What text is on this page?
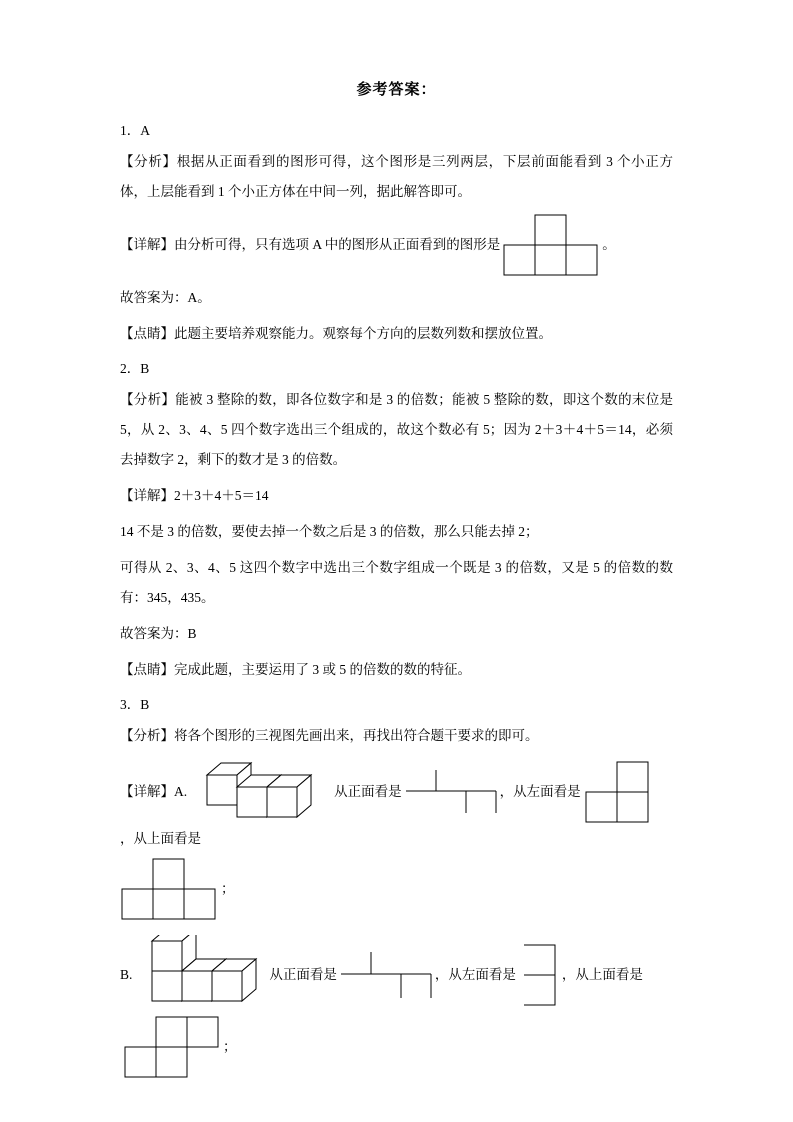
参考答案：
1．A
【分析】根据从正面看到的图形可得，这个图形是三列两层，下层前面能看到 3 个小正方体，上层能看到 1 个小正方体在中间一列，据此解答即可。
【详解】由分析可得，只有选项 A 中的图形从正面看到的图形是	。
故答案为：A。
【点睛】此题主要培养观察能力。观察每个方向的层数列数和摆放位置。
2．B
【分析】能被 3 整除的数，即各位数字和是 3 的倍数；能被 5 整除的数，即这个数的末位是 5，从 2、3、4、5 四个数字选出三个组成的，故这个数必有 5；因为 2＋3＋4＋5＝14，必须去掉数字 2，剩下的数才是 3 的倍数。
【详解】2＋3＋4＋5＝14
14 不是 3 的倍数，要使去掉一个数之后是 3 的倍数，那么只能去掉 2；
可得从 2、3、4、5 这四个数字中选出三个数字组成一个既是 3 的倍数，又是 5 的倍数的数有：345，435。
故答案为：B
【点睛】完成此题，主要运用了 3 或 5 的倍数的数的特征。
3．B
【分析】将各个图形的三视图先画出来，再找出符合题干要求的即可。
【详解】A.	从正面看是	，从左面看是
，从上面看是
；
B.	从正面看是	，从左面看是	，从上面看是
；
